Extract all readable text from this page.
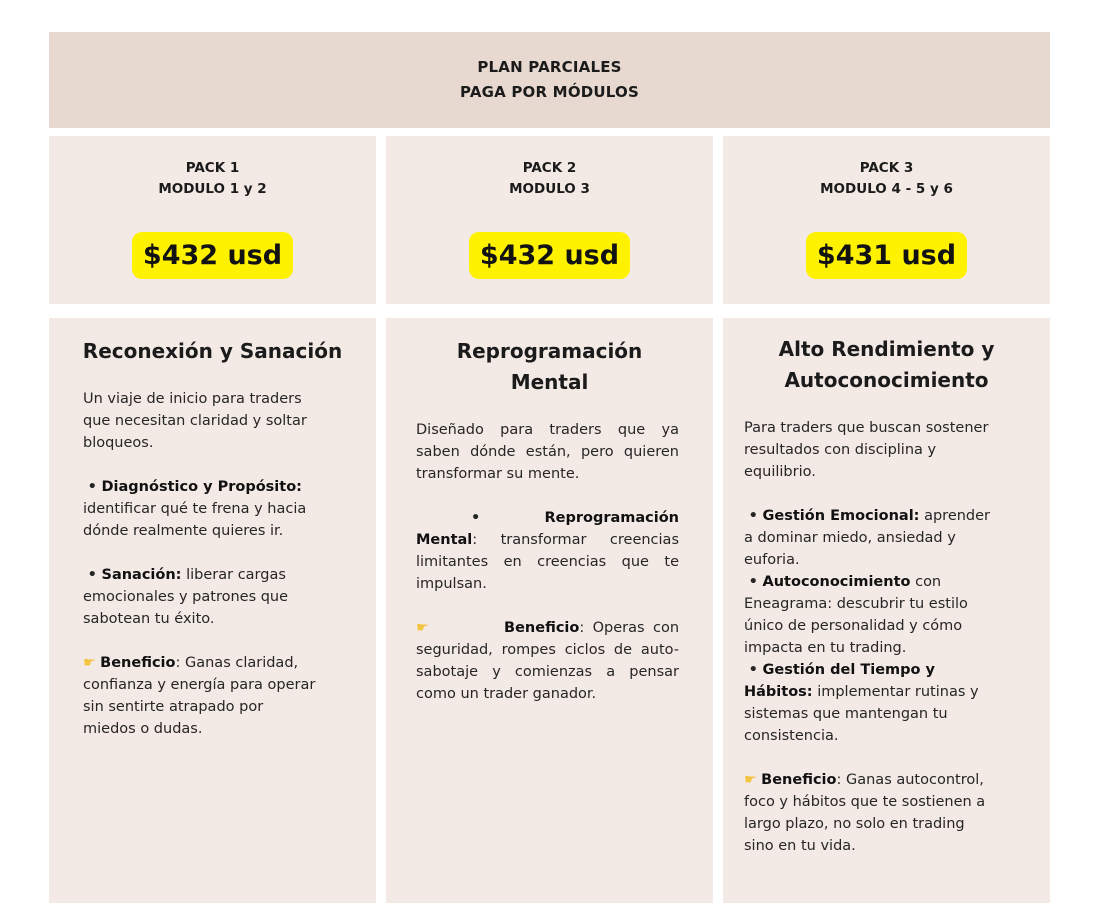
PLAN PARCIALES
PAGA POR MÓDULOS
PACK 1
MODULO 1 y 2
$432 usd
PACK 2
MODULO 3
$432 usd
PACK 3
MODULO 4 - 5 y 6
$431 usd
Reconexión y Sanación

Un viaje de inicio para traders que necesitan claridad y soltar bloqueos.

• Diagnóstico y Propósito: identificar qué te frena y hacia dónde realmente quieres ir.

• Sanación: liberar cargas emocionales y patrones que sabotean tu éxito.

☛ Beneficio: Ganas claridad, confianza y energía para operar sin sentirte atrapado por miedos o dudas.

Reprogramación
Mental

Diseñado para traders que ya saben dónde están, pero quieren transformar su mente.

•	Reprogramación Mental: transformar creencias limitantes en creencias que te impulsan.

☛	Beneficio: Operas con seguridad, rompes ciclos de auto-sabotaje y comienzas a pensar como un trader ganador.

Alto Rendimiento y
Autoconocimiento

Para traders que buscan sostener resultados con disciplina y equilibrio.

• Gestión Emocional: aprender a dominar miedo, ansiedad y euforia.
• Autoconocimiento con Eneagrama: descubrir tu estilo único de personalidad y cómo impacta en tu trading.
• Gestión del Tiempo y Hábitos: implementar rutinas y sistemas que mantengan tu consistencia.

☛ Beneficio: Ganas autocontrol, foco y hábitos que te sostienen a largo plazo, no solo en trading sino en tu vida.
